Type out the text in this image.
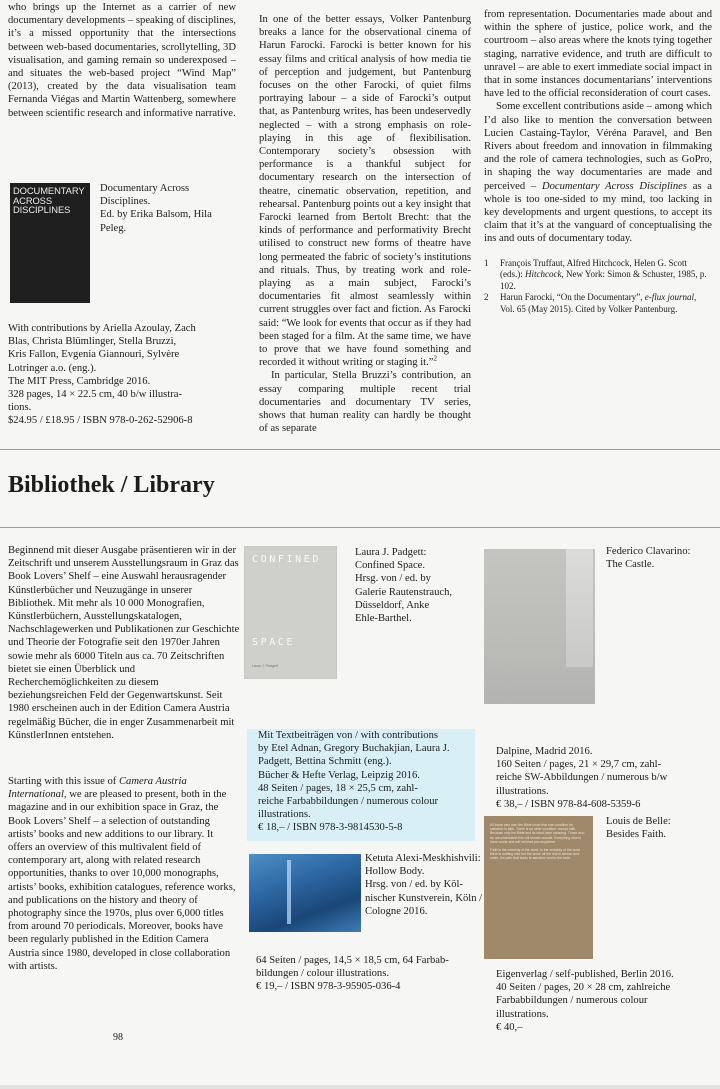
who brings up the Internet as a carrier of new documentary developments – speaking of disciplines, it’s a missed opportunity that the intersections between web-based documentaries, scrollytelling, 3D visualisation, and gaming remain so underexposed – and situates the web-based project “Wind Map” (2013), created by the data visualisation team Fernanda Viégas and Martin Wattenberg, somewhere between scientific research and informative narrative.

DOCUMENTARY
ACROSS
DISCIPLINES
Documentary Across
Disciplines.
Ed. by Erika Balsom, Hila
Peleg.
With contributions by Ariella Azoulay, Zach
Blas, Christa Blümlinger, Stella Bruzzi,
Kris Fallon, Evgenia Giannouri, Sylvère
Lotringer a.o. (eng.).
The MIT Press, Cambridge 2016.
328 pages, 14 × 22.5 cm, 40 b/w illustra-
tions.
$24.95 / £18.95 / ISBN 978-0-262-52906-8

In one of the better essays, Volker Pantenburg breaks a lance for the observational cinema of Harun Farocki. Farocki is better known for his essay films and critical analysis of how media tie of perception and judgement, but Pantenburg focuses on the other Farocki, of quiet films portraying labour – a side of Farocki’s output that, as Pantenburg writes, has been undeservedly neglected – with a strong emphasis on role-playing in this age of flexibilisation. Contemporary society’s obsession with performance is a thankful subject for documentary research on the intersection of theatre, cinematic observation, repetition, and rehearsal. Pantenburg points out a key insight that Farocki learned from Bertolt Brecht: that the kinds of performance and performativity Brecht utilised to construct new forms of theatre have long permeated the fabric of society’s institutions and rituals. Thus, by treating work and role-playing as a main subject, Farocki’s documentaries fit almost seamlessly within current struggles over fact and fiction. As Farocki said: “We look for events that occur as if they had been staged for a film. At the same time, we have to prove that we have found something and recorded it without writing or staging it.”$^2$

In particular, Stella Bruzzi’s contribution, an essay comparing multiple recent trial documentaries and documentary TV series, shows that human reality can hardly be thought of as separate

from representation. Documentaries made about and within the sphere of justice, police work, and the courtroom – also areas where the knots tying together staging, narrative evidence, and truth are difficult to unravel – are able to exert immediate social impact in that in some instances documentarians’ interventions have led to the official reconsideration of court cases.

Some excellent contributions aside – among which I’d also like to mention the conversation between Lucien Castaing-Taylor, Véréna Paravel, and Ben Rivers about freedom and innovation in filmmaking and the role of camera technologies, such as GoPro, in shaping the way documentaries are made and perceived – Documentary Across Disciplines as a whole is too one-sided to my mind, too lacking in key developments and urgent questions, to accept its claim that it’s at the vanguard of conceptualising the ins and outs of documentary today.

1	François Truffaut, Alfred Hitchcock, Helen G. Scott (eds.): Hitchcock, New York: Simon & Schuster, 1985, p. 102.
2	Harun Farocki, “On the Documentary”, e-flux journal, Vol. 65 (May 2015). Cited by Volker Pantenburg.
Bibliothek / Library

Beginnend mit dieser Ausgabe präsentieren wir in der Zeitschrift und unserem Ausstellungsraum in Graz das Book Lovers’ Shelf – eine Auswahl herausragender Künstlerbücher und Neuzugänge in unserer Bibliothek. Mit mehr als 10 000 Monografien, Künstlerbüchern, Ausstellungskatalogen, Nachschlagewerken und Publikationen zur Geschichte und Theorie der Fotografie seit den 1970er Jahren sowie mehr als 6000 Titeln aus ca. 70 Zeitschriften bietet sie einen Überblick und Recherchemöglichkeiten zu diesem beziehungsreichen Feld der Gegenwartskunst. Seit 1980 erscheinen auch in der Edition Camera Austria regelmäßig Bücher, die in enger Zusammenarbeit mit KünstlerInnen entstehen.

Starting with this issue of Camera Austria International, we are pleased to present, both in the magazine and in our exhibition space in Graz, the Book Lovers’ Shelf – a selection of outstanding artists’ books and new additions to our library. It offers an overview of this multivalent field of contemporary art, along with related research opportunities, thanks to over 10,000 monographs, artists’ books, exhibition catalogues, reference works, and publications on the history and theory of photography since the 1970s, plus over 6,000 titles from around 70 periodicals. Moreover, books have been regularly published in the Edition Camera Austria since 1980, developed in close collaboration with artists.

CONFINED
SPACE
Laura J. Padgett
Laura J. Padgett:
Confined Space.
Hrsg. von / ed. by
Galerie Rautenstrauch,
Düsseldorf, Anke
Ehle-Barthel.
Mit Textbeiträgen von / with contributions
by Etel Adnan, Gregory Buchakjian, Laura J.
Padgett, Bettina Schmitt (eng.).
Bücher & Hefte Verlag, Leipzig 2016.
48 Seiten / pages, 18 × 25,5 cm, zahl-
reiche Farbabbildungen / numerous colour
illustrations.
€ 18,– / ISBN 978-3-9814530-5-8
Federico Clavarino:
The Castle.
Dalpine, Madrid 2016.
160 Seiten / pages, 21 × 29,7 cm, zahl-
reiche SW-Abbildungen / numerous b/w
illustrations.
€ 38,– / ISBN 978-84-608-5359-6
Ketuta Alexi-Meskhishvili:
Hollow Body.
Hrsg. von / ed. by Köl-
nischer Kunstverein, Köln /
Cologne 2016.
64 Seiten / pages, 14,5 × 18,5 cm, 64 Farbab-
bildungen / colour illustrations.
€ 19,– / ISBN 978-3-95905-036-4
All those who own the Bible know that one condition for salvation is faith. There is no other condition: except faith. Because only the Bible and its word have meaning. Those who do not understand this will remain outside. Everything else is mere words and will not lead you anywhere.
Faith is the certainty of the word. In the certainty of the word there is nothing else but the word: all the rest is silence and noise, the path that leads to salvation and to the truth.
Louis de Belle:
Besides Faith.
Eigenverlag / self-published, Berlin 2016.
40 Seiten / pages, 20 × 28 cm, zahlreiche
Farbabbildungen / numerous colour
illustrations.
€ 40,–
98
